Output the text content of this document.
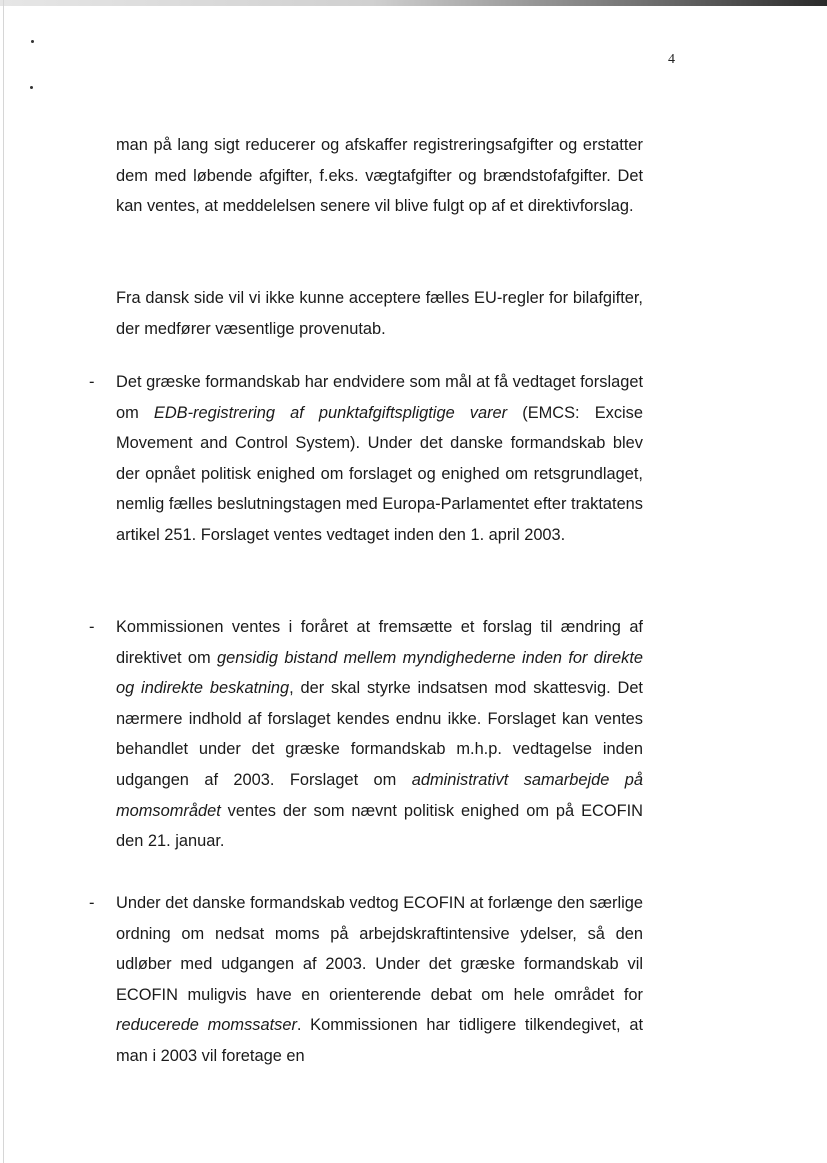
4

man på lang sigt reducerer og afskaffer registreringsafgifter og erstatter dem med løbende afgifter, f.eks. vægtafgifter og brændstofafgifter. Det kan ventes, at meddelelsen senere vil blive fulgt op af et direktivforslag.

Fra dansk side vil vi ikke kunne acceptere fælles EU-regler for bilafgifter, der medfører væsentlige provenutab.

- Det græske formandskab har endvidere som mål at få vedtaget forslaget om EDB-registrering af punktafgiftspligtige varer (EMCS: Excise Movement and Control System). Under det danske formandskab blev der opnået politisk enighed om forslaget og enighed om retsgrundlaget, nemlig fælles beslutningstagen med Europa-Parlamentet efter traktatens artikel 251. Forslaget ventes vedtaget inden den 1. april 2003.

- Kommissionen ventes i foråret at fremsætte et forslag til ændring af direktivet om gensidig bistand mellem myndighederne inden for direkte og indirekte beskatning, der skal styrke indsatsen mod skattesvig. Det nærmere indhold af forslaget kendes endnu ikke. Forslaget kan ventes behandlet under det græske formandskab m.h.p. vedtagelse inden udgangen af 2003. Forslaget om administrativt samarbejde på momsområdet ventes der som nævnt politisk enighed om på ECOFIN den 21. januar.

- Under det danske formandskab vedtog ECOFIN at forlænge den særlige ordning om nedsat moms på arbejdskraftintensive ydelser, så den udløber med udgangen af 2003. Under det græske formandskab vil ECOFIN muligvis have en orienterende debat om hele området for reducerede momssatser. Kommissionen har tidligere tilkendegivet, at man i 2003 vil foretage en
